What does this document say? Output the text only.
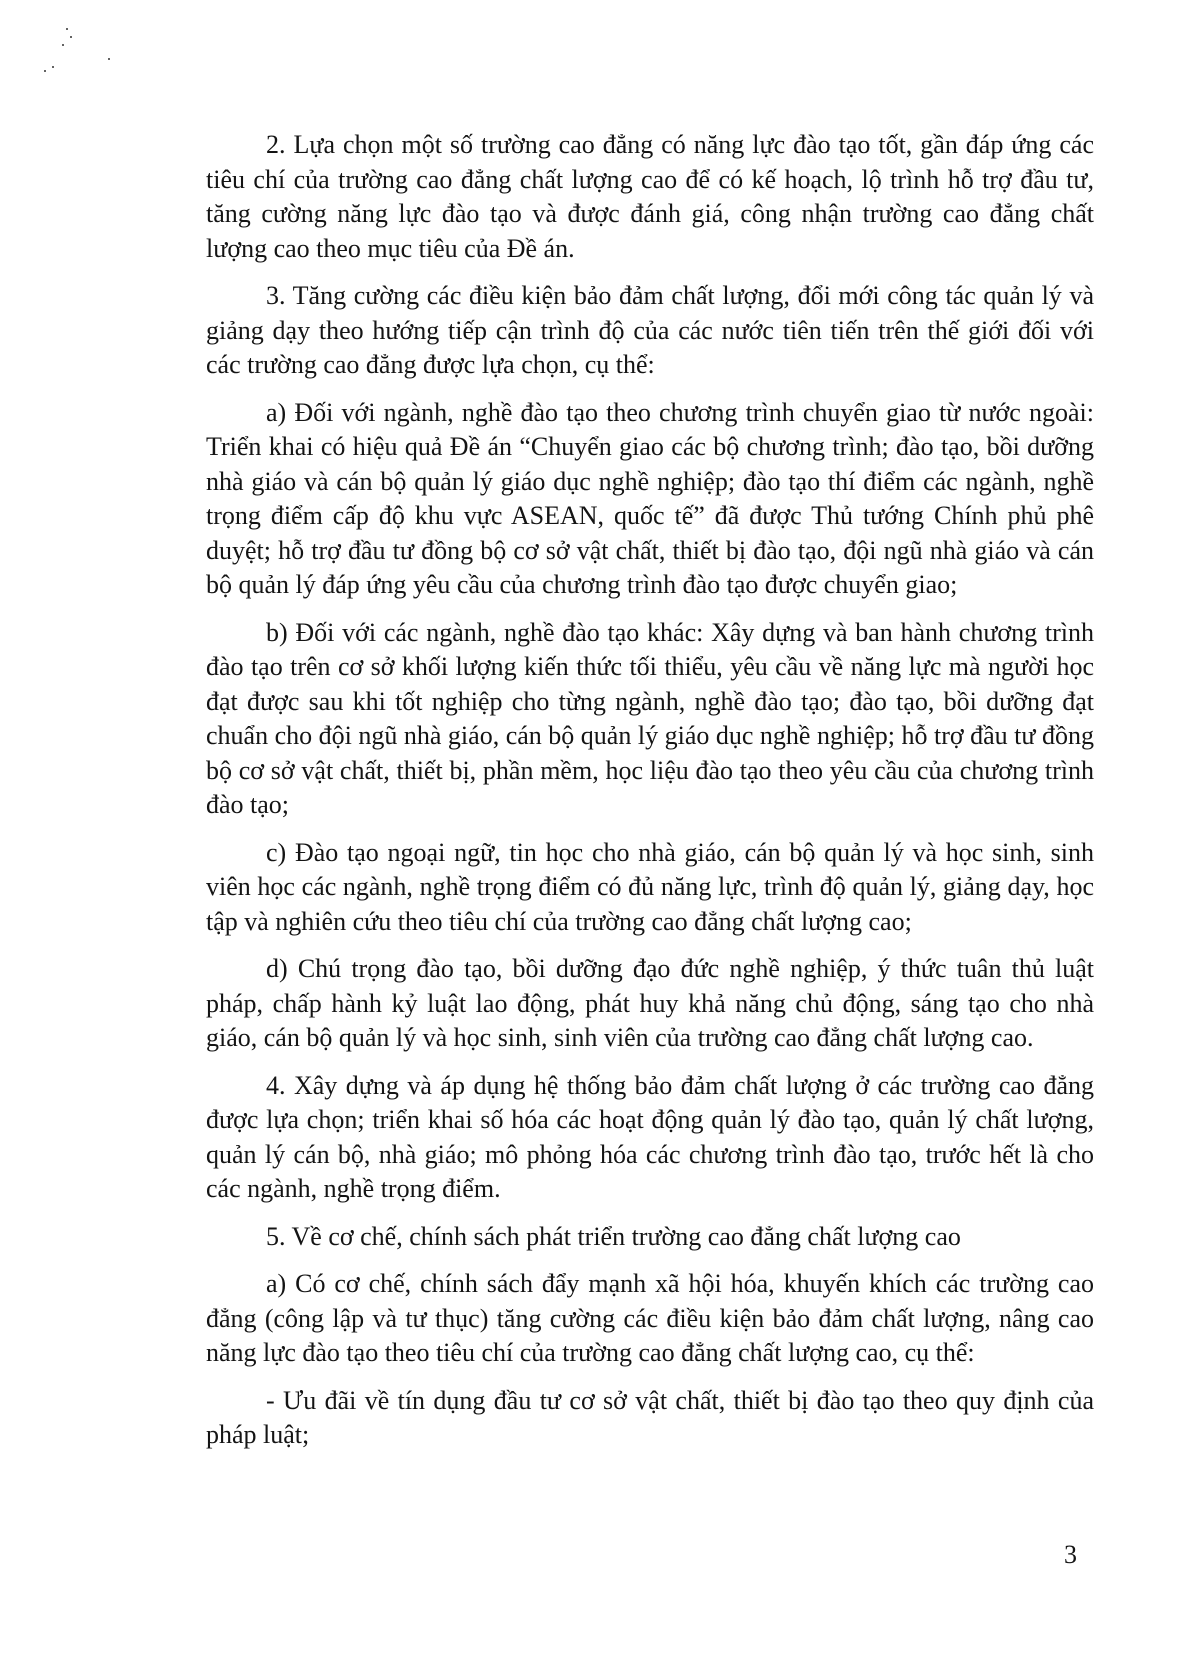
2. Lựa chọn một số trường cao đẳng có năng lực đào tạo tốt, gần đáp ứng các tiêu chí của trường cao đẳng chất lượng cao để có kế hoạch, lộ trình hỗ trợ đầu tư, tăng cường năng lực đào tạo và được đánh giá, công nhận trường cao đẳng chất lượng cao theo mục tiêu của Đề án.

3. Tăng cường các điều kiện bảo đảm chất lượng, đổi mới công tác quản lý và giảng dạy theo hướng tiếp cận trình độ của các nước tiên tiến trên thế giới đối với các trường cao đẳng được lựa chọn, cụ thể:

a) Đối với ngành, nghề đào tạo theo chương trình chuyển giao từ nước ngoài: Triển khai có hiệu quả Đề án “Chuyển giao các bộ chương trình; đào tạo, bồi dưỡng nhà giáo và cán bộ quản lý giáo dục nghề nghiệp; đào tạo thí điểm các ngành, nghề trọng điểm cấp độ khu vực ASEAN, quốc tế” đã được Thủ tướng Chính phủ phê duyệt; hỗ trợ đầu tư đồng bộ cơ sở vật chất, thiết bị đào tạo, đội ngũ nhà giáo và cán bộ quản lý đáp ứng yêu cầu của chương trình đào tạo được chuyển giao;

b) Đối với các ngành, nghề đào tạo khác: Xây dựng và ban hành chương trình đào tạo trên cơ sở khối lượng kiến thức tối thiểu, yêu cầu về năng lực mà người học đạt được sau khi tốt nghiệp cho từng ngành, nghề đào tạo; đào tạo, bồi dưỡng đạt chuẩn cho đội ngũ nhà giáo, cán bộ quản lý giáo dục nghề nghiệp; hỗ trợ đầu tư đồng bộ cơ sở vật chất, thiết bị, phần mềm, học liệu đào tạo theo yêu cầu của chương trình đào tạo;

c) Đào tạo ngoại ngữ, tin học cho nhà giáo, cán bộ quản lý và học sinh, sinh viên học các ngành, nghề trọng điểm có đủ năng lực, trình độ quản lý, giảng dạy, học tập và nghiên cứu theo tiêu chí của trường cao đẳng chất lượng cao;

d) Chú trọng đào tạo, bồi dưỡng đạo đức nghề nghiệp, ý thức tuân thủ luật pháp, chấp hành kỷ luật lao động, phát huy khả năng chủ động, sáng tạo cho nhà giáo, cán bộ quản lý và học sinh, sinh viên của trường cao đẳng chất lượng cao.

4. Xây dựng và áp dụng hệ thống bảo đảm chất lượng ở các trường cao đẳng được lựa chọn; triển khai số hóa các hoạt động quản lý đào tạo, quản lý chất lượng, quản lý cán bộ, nhà giáo; mô phỏng hóa các chương trình đào tạo, trước hết là cho các ngành, nghề trọng điểm.

5. Về cơ chế, chính sách phát triển trường cao đẳng chất lượng cao

a) Có cơ chế, chính sách đẩy mạnh xã hội hóa, khuyến khích các trường cao đẳng (công lập và tư thục) tăng cường các điều kiện bảo đảm chất lượng, nâng cao năng lực đào tạo theo tiêu chí của trường cao đẳng chất lượng cao, cụ thể:

- Ưu đãi về tín dụng đầu tư cơ sở vật chất, thiết bị đào tạo theo quy định của pháp luật;

3
